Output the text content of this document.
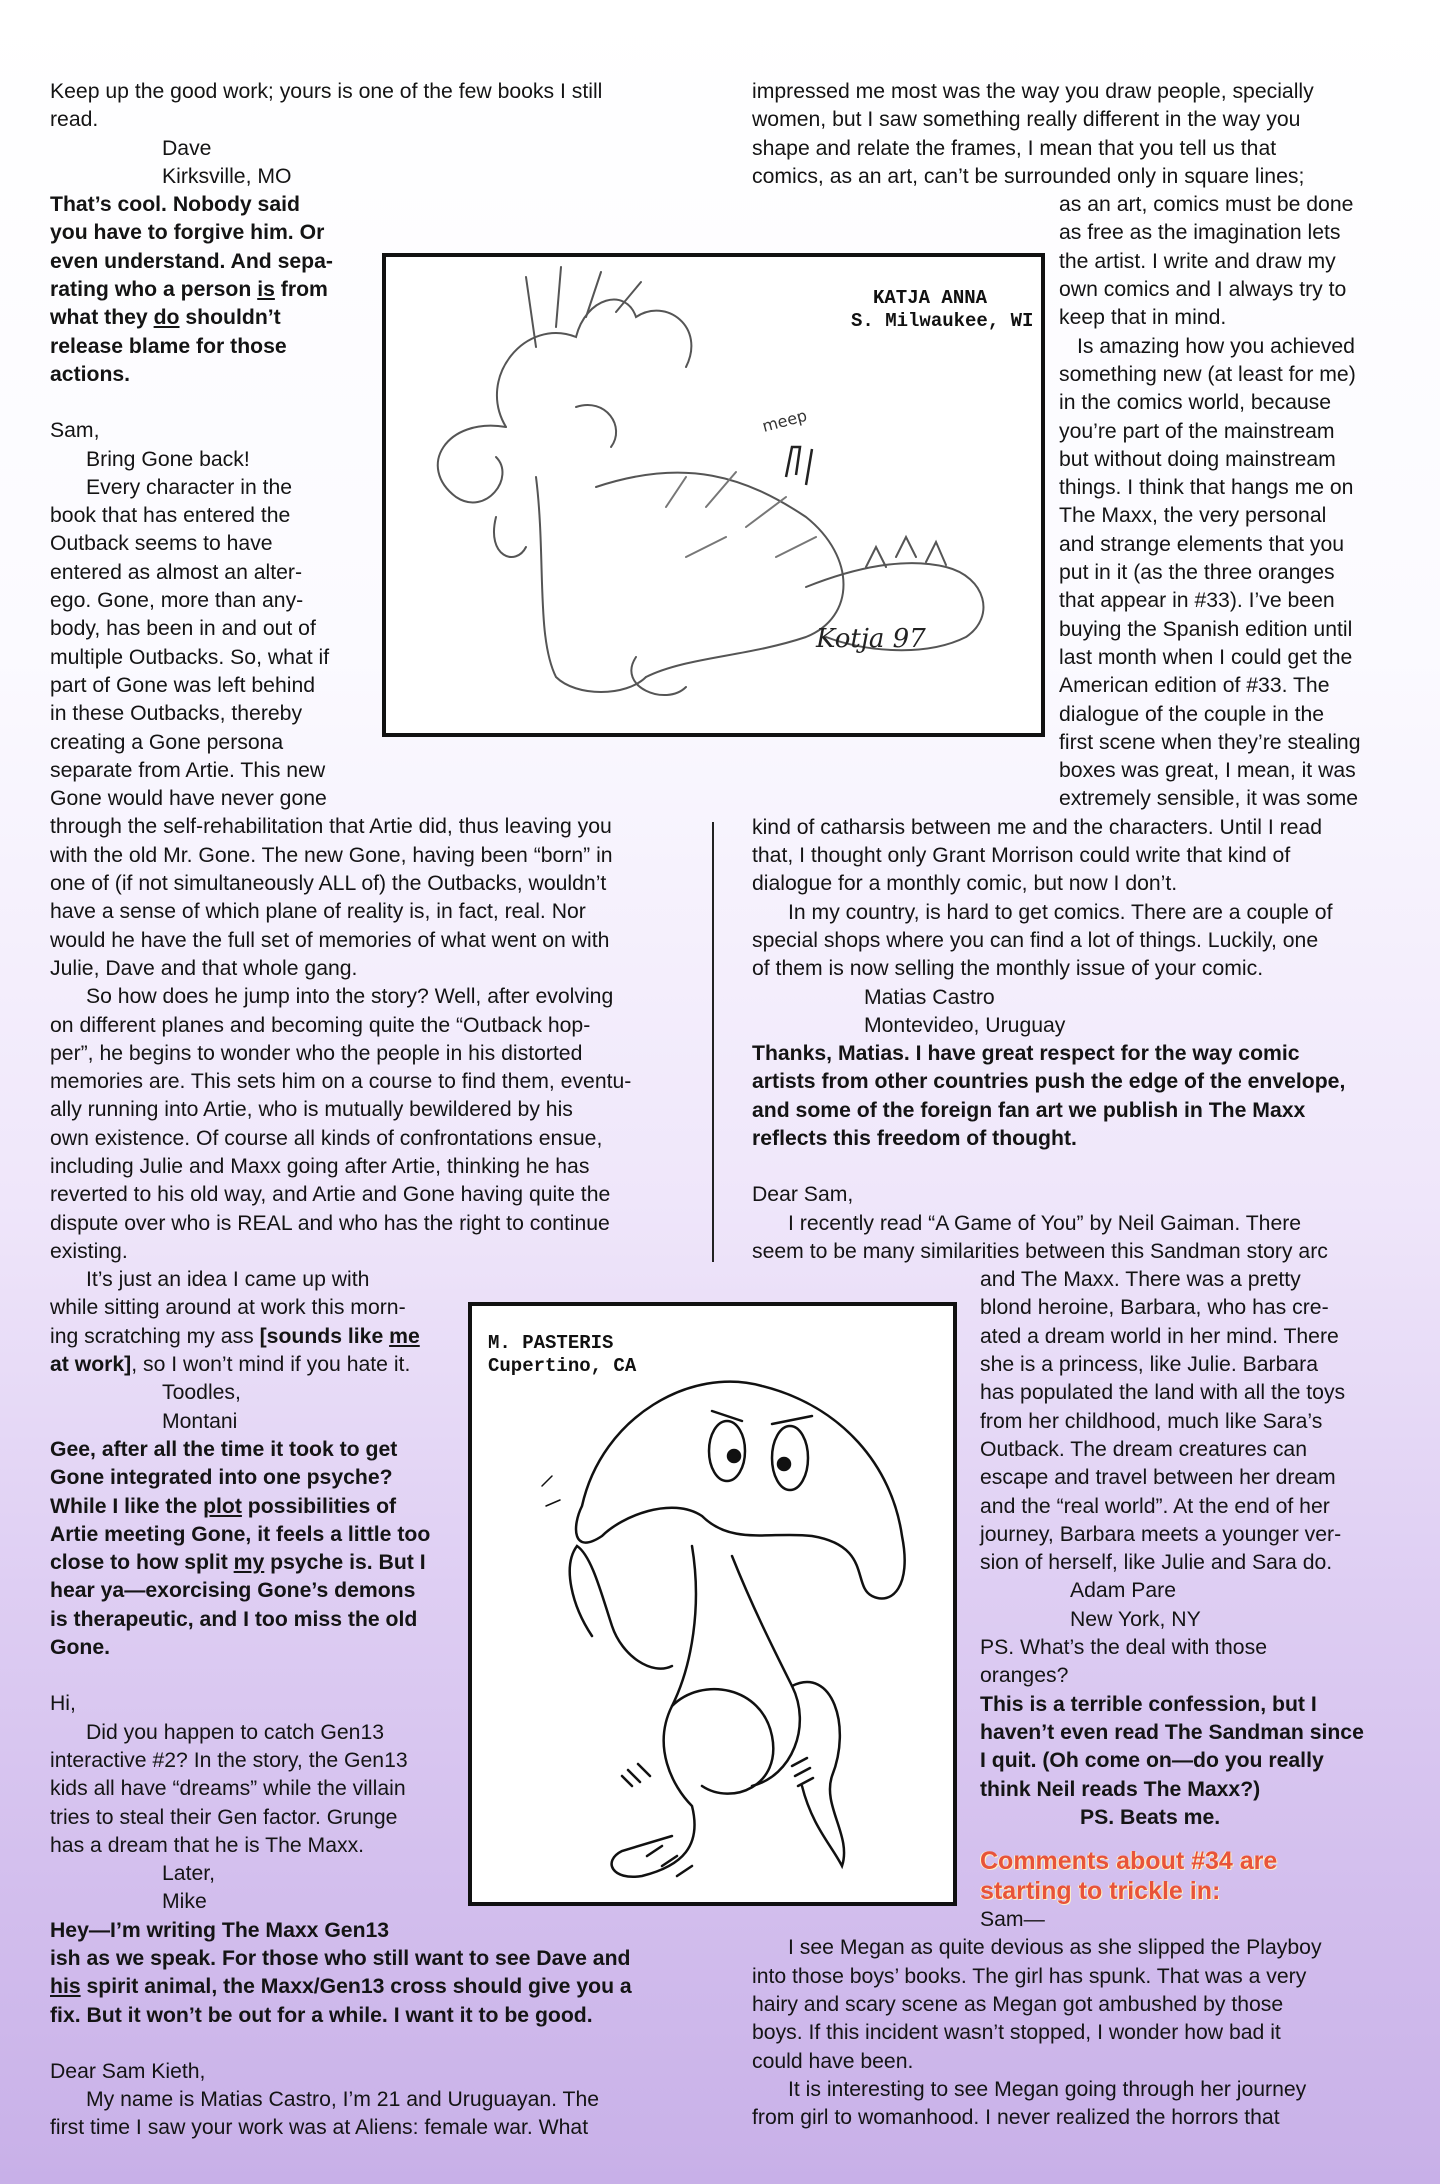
Keep up the good work; yours is one of the few books I still

read.

Dave

Kirksville, MO

That’s cool. Nobody said

you have to forgive him. Or

even understand. And sepa-

rating who a person is from

what they do shouldn’t

release blame for those

actions.

Sam,

Bring Gone back!

Every character in the

book that has entered the

Outback seems to have

entered as almost an alter-

ego. Gone, more than any-

body, has been in and out of

multiple Outbacks. So, what if

part of Gone was left behind

in these Outbacks, thereby

creating a Gone persona

separate from Artie. This new

Gone would have never gone

through the self-rehabilitation that Artie did, thus leaving you

with the old Mr. Gone. The new Gone, having been “born” in

one of (if not simultaneously ALL of) the Outbacks, wouldn’t

have a sense of which plane of reality is, in fact, real. Nor

would he have the full set of memories of what went on with

Julie, Dave and that whole gang.

So how does he jump into the story? Well, after evolving

on different planes and becoming quite the “Outback hop-

per”, he begins to wonder who the people in his distorted

memories are. This sets him on a course to find them, eventu-

ally running into Artie, who is mutually bewildered by his

own existence. Of course all kinds of confrontations ensue,

including Julie and Maxx going after Artie, thinking he has

reverted to his old way, and Artie and Gone having quite the

dispute over who is REAL and who has the right to continue

existing.

It’s just an idea I came up with

while sitting around at work this morn-

ing scratching my ass [sounds like me

at work], so I won’t mind if you hate it.

Toodles,

Montani

Gee, after all the time it took to get

Gone integrated into one psyche?

While I like the plot possibilities of

Artie meeting Gone, it feels a little too

close to how split my psyche is. But I

hear ya—exorcising Gone’s demons

is therapeutic, and I too miss the old

Gone.

Hi,

Did you happen to catch Gen13

interactive #2? In the story, the Gen13

kids all have “dreams” while the villain

tries to steal their Gen factor. Grunge

has a dream that he is The Maxx.

Later,

Mike

Hey—I’m writing The Maxx Gen13

ish as we speak. For those who still want to see Dave and

his spirit animal, the Maxx/Gen13 cross should give you a

fix. But it won’t be out for a while. I want it to be good.

Dear Sam Kieth,

My name is Matias Castro, I’m 21 and Uruguayan. The

first time I saw your work was at Aliens: female war. What

impressed me most was the way you draw people, specially

women, but I saw something really different in the way you

shape and relate the frames, I mean that you tell us that

comics, as an art, can’t be surrounded only in square lines;

as an art, comics must be done

as free as the imagination lets

the artist. I write and draw my

own comics and I always try to

keep that in mind.

Is amazing how you achieved

something new (at least for me)

in the comics world, because

you’re part of the mainstream

but without doing mainstream

things. I think that hangs me on

The Maxx, the very personal

and strange elements that you

put in it (as the three oranges

that appear in #33). I’ve been

buying the Spanish edition until

last month when I could get the

American edition of #33. The

dialogue of the couple in the

first scene when they’re stealing

boxes was great, I mean, it was

extremely sensible, it was some

kind of catharsis between me and the characters. Until I read

that, I thought only Grant Morrison could write that kind of

dialogue for a monthly comic, but now I don’t.

In my country, is hard to get comics. There are a couple of

special shops where you can find a lot of things. Luckily, one

of them is now selling the monthly issue of your comic.

Matias Castro

Montevideo, Uruguay

Thanks, Matias. I have great respect for the way comic

artists from other countries push the edge of the envelope,

and some of the foreign fan art we publish in The Maxx

reflects this freedom of thought.

Dear Sam,

I recently read “A Game of You” by Neil Gaiman. There

seem to be many similarities between this Sandman story arc

and The Maxx. There was a pretty

blond heroine, Barbara, who has cre-

ated a dream world in her mind. There

she is a princess, like Julie. Barbara

has populated the land with all the toys

from her childhood, much like Sara’s

Outback. The dream creatures can

escape and travel between her dream

and the “real world”. At the end of her

journey, Barbara meets a younger ver-

sion of herself, like Julie and Sara do.

Adam Pare

New York, NY

PS. What’s the deal with those

oranges?

This is a terrible confession, but I

haven’t even read The Sandman since

I quit. (Oh come on—do you really

think Neil reads The Maxx?)

PS. Beats me.

Comments about #34 are

starting to trickle in:

Sam—

I see Megan as quite devious as she slipped the Playboy

into those boys’ books. The girl has spunk. That was a very

hairy and scary scene as Megan got ambushed by those

boys. If this incident wasn’t stopped, I wonder how bad it

could have been.

It is interesting to see Megan going through her journey

from girl to womanhood. I never realized the horrors that

KATJA ANNA
S. Milwaukee, WI
meep
Kotja 97
M. PASTERIS
Cupertino, CA
